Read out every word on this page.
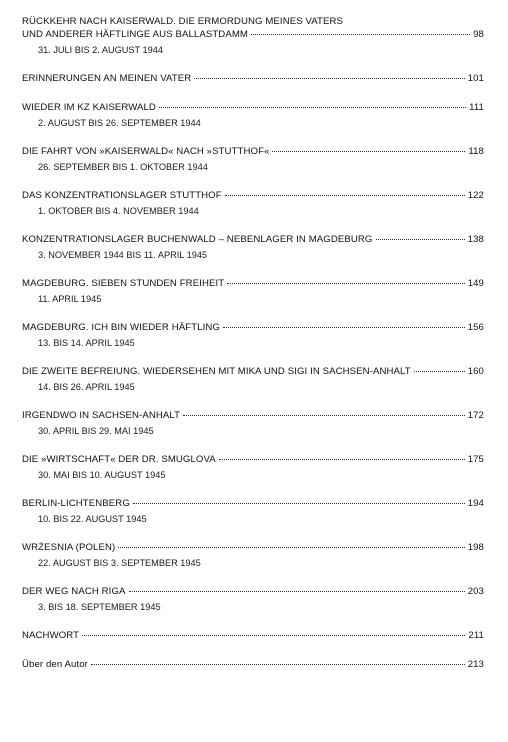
RÜCKKEHR NACH KAISERWALD. DIE ERMORDUNG MEINES VATERS
UND ANDERER HÄFTLINGE AUS BALLASTDAMM	98
31. JULI BIS 2. AUGUST 1944
ERINNERUNGEN AN MEINEN VATER	101
WIEDER IM KZ KAISERWALD	111
2. AUGUST BIS 26. SEPTEMBER 1944
DIE FAHRT VON »KAISERWALD« NACH »STUTTHOF«	118
26. SEPTEMBER BIS 1. OKTOBER 1944
DAS KONZENTRATIONSLAGER STUTTHOF	122
1. OKTOBER BIS 4. NOVEMBER 1944
KONZENTRATIONSLAGER BUCHENWALD – NEBENLAGER IN MAGDEBURG	138
3. NOVEMBER 1944 BIS 11. APRIL 1945
MAGDEBURG. SIEBEN STUNDEN FREIHEIT	149
11. APRIL 1945
MAGDEBURG. ICH BIN WIEDER HÄFTLING	156
13. BIS 14. APRIL 1945
DIE ZWEITE BEFREIUNG. WIEDERSEHEN MIT MIKA UND SIGI IN SACHSEN-ANHALT	160
14. BIS 26. APRIL 1945
IRGENDWO IN SACHSEN-ANHALT	172
30. APRIL BIS 29. MAI 1945
DIE »WIRTSCHAFT« DER DR. SMUGLOVA	175
30. MAI BIS 10. AUGUST 1945
BERLIN-LICHTENBERG	194
10. BIS 22. AUGUST 1945
WRŻESNIA (POLEN)	198
22. AUGUST BIS 3. SEPTEMBER 1945
DER WEG NACH RIGA	203
3. BIS 18. SEPTEMBER 1945
NACHWORT	211
Über den Autor	213
